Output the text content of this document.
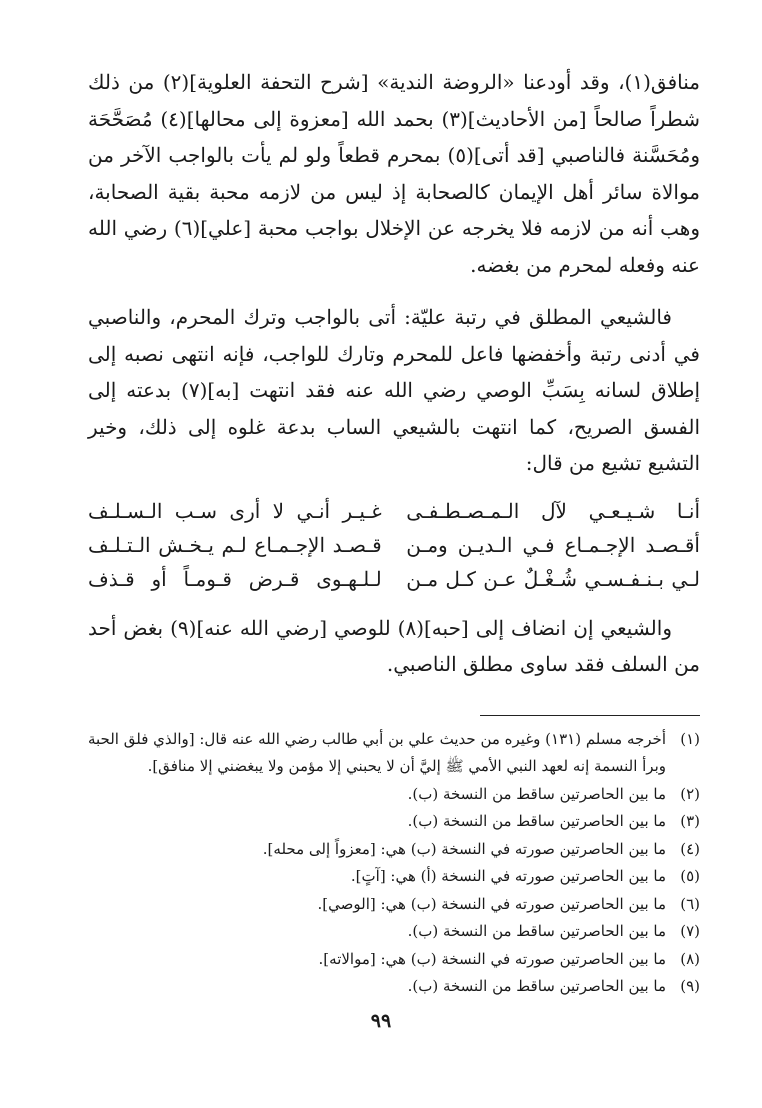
منافق(١)، وقد أودعنا «الروضة الندية» [شرح التحفة العلوية](٢) من ذلك شطراً صالحاً [من الأحاديث](٣) بحمد الله [معزوة إلى محالها](٤) مُصَحَّحَة ومُحَسَّنة فالناصبي [قد أتى](٥) بمحرم قطعاً ولو لم يأت بالواجب الآخر من موالاة سائر أهل الإيمان كالصحابة إذ ليس من لازمه محبة بقية الصحابة، وهب أنه من لازمه فلا يخرجه عن الإخلال بواجب محبة [علي](٦) رضي الله عنه وفعله لمحرم من بغضه.

فالشيعي المطلق في رتبة عليّة: أتى بالواجب وترك المحرم، والناصبي في أدنى رتبة وأخفضها فاعل للمحرم وتارك للواجب، فإنه انتهى نصبه إلى إطلاق لسانه بِسَبِّ الوصي رضي الله عنه فقد انتهت [به](٧) بدعته إلى الفسق الصريح، كما انتهت بالشيعي الساب بدعة غلوه إلى ذلك، وخير التشيع تشيع من قال:

أنـا شـيـعـي لآل الـمـصـطـفـى
غـيـر أنـي لا أرى سـب الـسـلـف
أقـصـد الإجـمـاع فـي الـديـن ومـن
قـصـد الإجـمـاع لـم يـخـش الـتـلـف
لـي بـنـفـسـي شُـغْـلٌ عـن كـل مـن
لـلـهـوى قـرض قـومـاً أو قـذف

والشيعي إن انضاف إلى [حبه](٨) للوصي [رضي الله عنه](٩) بغض أحد من السلف فقد ساوى مطلق الناصبي.

(١)
أخرجه مسلم (١٣١) وغيره من حديث علي بن أبي طالب رضي الله عنه قال: [والذي فلق الحبة وبرأ النسمة إنه لعهد النبي الأمي ﷺ إليَّ أن لا يحبني إلا مؤمن ولا يبغضني إلا منافق].
(٢)
ما بين الحاصرتين ساقط من النسخة (ب).
(٣)
ما بين الحاصرتين ساقط من النسخة (ب).
(٤)
ما بين الحاصرتين صورته في النسخة (ب) هي: [معزواً إلى محله].
(٥)
ما بين الحاصرتين صورته في النسخة (أ) هي: [آتٍ].
(٦)
ما بين الحاصرتين صورته في النسخة (ب) هي: [الوصي].
(٧)
ما بين الحاصرتين ساقط من النسخة (ب).
(٨)
ما بين الحاصرتين صورته في النسخة (ب) هي: [موالاته].
(٩)
ما بين الحاصرتين ساقط من النسخة (ب).
٩٩
